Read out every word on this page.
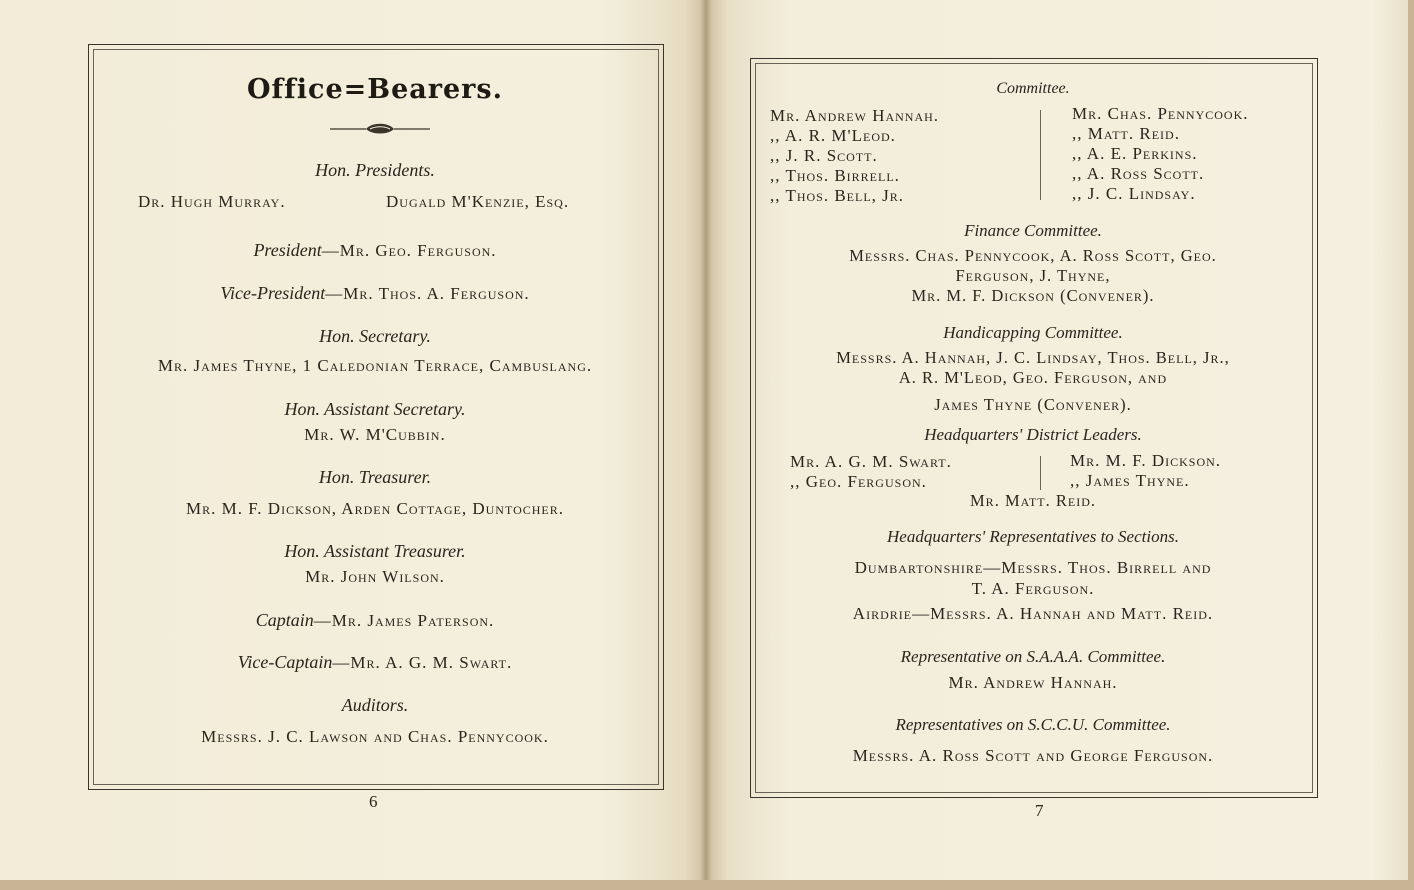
Office=Bearers.
Hon. Presidents.
Dr. Hugh Murray.	Dugald M'Kenzie, Esq.
President—Mr. Geo. Ferguson.
Vice-President—Mr. Thos. A. Ferguson.
Hon. Secretary.
Mr. James Thyne, 1 Caledonian Terrace, Cambuslang.
Hon. Assistant Secretary.
Mr. W. M'Cubbin.
Hon. Treasurer.
Mr. M. F. Dickson, Arden Cottage, Duntocher.
Hon. Assistant Treasurer.
Mr. John Wilson.
Captain—Mr. James Paterson.
Vice-Captain—Mr. A. G. M. Swart.
Auditors.
Messrs. J. C. Lawson and Chas. Pennycook.
6
Committee.
Mr. Andrew Hannah.
,, A. R. M'Leod.
,, J. R. Scott.
,, Thos. Birrell.
,, Thos. Bell, Jr.
Mr. Chas. Pennycook.
,, Matt. Reid.
,, A. E. Perkins.
,, A. Ross Scott.
,, J. C. Lindsay.
Finance Committee.
Messrs. Chas. Pennycook, A. Ross Scott, Geo.
Ferguson, J. Thyne,
Mr. M. F. Dickson (Convener).
Handicapping Committee.
Messrs. A. Hannah, J. C. Lindsay, Thos. Bell, Jr.,
A. R. M'Leod, Geo. Ferguson, and
James Thyne (Convener).
Headquarters' District Leaders.
Mr. A. G. M. Swart.
,, Geo. Ferguson.
Mr. M. F. Dickson.
,, James Thyne.
Mr. Matt. Reid.
Headquarters' Representatives to Sections.
Dumbartonshire—Messrs. Thos. Birrell and
T. A. Ferguson.
Airdrie—Messrs. A. Hannah and Matt. Reid.
Representative on S.A.A.A. Committee.
Mr. Andrew Hannah.
Representatives on S.C.C.U. Committee.
Messrs. A. Ross Scott and George Ferguson.
7
